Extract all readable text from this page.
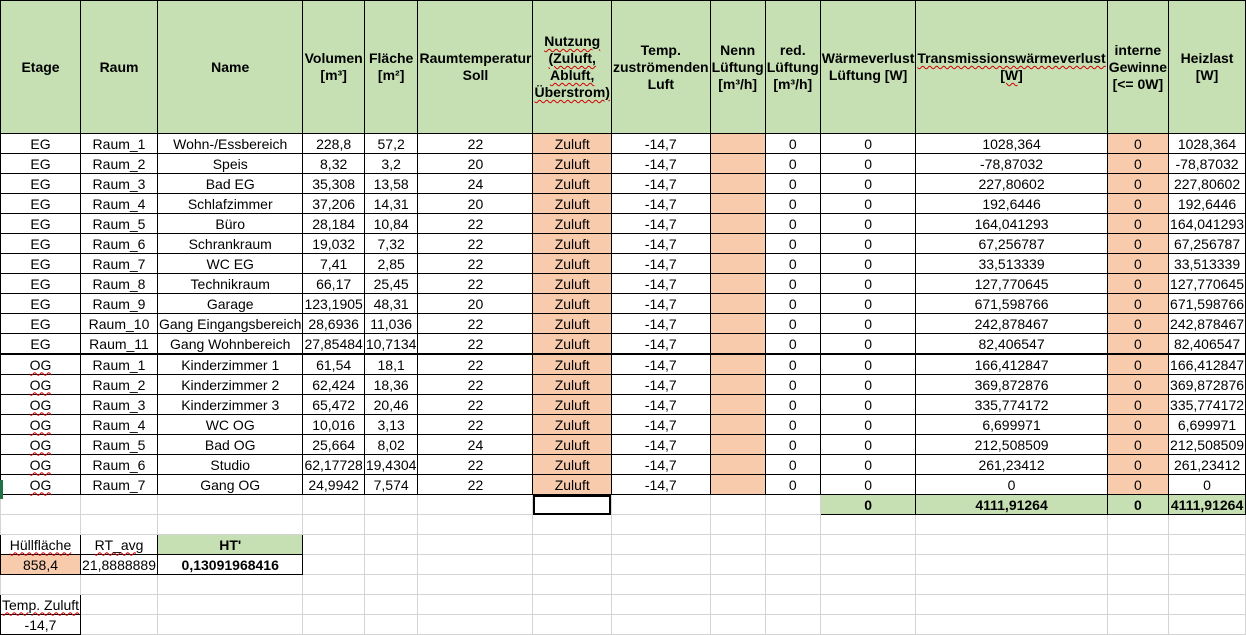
Etage	Raum	Name	Volumen [m³]	Fläche [m²]	Raumtemperatur Soll	Nutzung (Zuluft, Abluft, Überstrom)	Temp. zuströmenden Luft	Nenn Lüftung [m³/h]	red. Lüftung [m³/h]	Wärmeverlust Lüftung [W]	Transmissionswärmeverlust [W]	interne Gewinne [<= 0W]	Heizlast [W]
EG	Raum_1	Wohn-/Essbereich	228,8	57,2	22	Zuluft	-14,7		0	0	1028,364	0	1028,364
EG	Raum_2	Speis	8,32	3,2	20	Zuluft	-14,7		0	0	-78,87032	0	-78,87032
EG	Raum_3	Bad EG	35,308	13,58	24	Zuluft	-14,7		0	0	227,80602	0	227,80602
EG	Raum_4	Schlafzimmer	37,206	14,31	20	Zuluft	-14,7		0	0	192,6446	0	192,6446
EG	Raum_5	Büro	28,184	10,84	22	Zuluft	-14,7		0	0	164,041293	0	164,041293
EG	Raum_6	Schrankraum	19,032	7,32	22	Zuluft	-14,7		0	0	67,256787	0	67,256787
EG	Raum_7	WC EG	7,41	2,85	22	Zuluft	-14,7		0	0	33,513339	0	33,513339
EG	Raum_8	Technikraum	66,17	25,45	22	Zuluft	-14,7		0	0	127,770645	0	127,770645
EG	Raum_9	Garage	123,1905	48,31	20	Zuluft	-14,7		0	0	671,598766	0	671,598766
EG	Raum_10	Gang Eingangsbereich	28,6936	11,036	22	Zuluft	-14,7		0	0	242,878467	0	242,878467
EG	Raum_11	Gang Wohnbereich	27,85484	10,7134	22	Zuluft	-14,7		0	0	82,406547	0	82,406547
OG	Raum_1	Kinderzimmer 1	61,54	18,1	22	Zuluft	-14,7		0	0	166,412847	0	166,412847
OG	Raum_2	Kinderzimmer 2	62,424	18,36	22	Zuluft	-14,7		0	0	369,872876	0	369,872876
OG	Raum_3	Kinderzimmer 3	65,472	20,46	22	Zuluft	-14,7		0	0	335,774172	0	335,774172
OG	Raum_4	WC OG	10,016	3,13	22	Zuluft	-14,7		0	0	6,699971	0	6,699971
OG	Raum_5	Bad OG	25,664	8,02	24	Zuluft	-14,7		0	0	212,508509	0	212,508509
OG	Raum_6	Studio	62,17728	19,4304	22	Zuluft	-14,7		0	0	261,23412	0	261,23412
OG	Raum_7	Gang OG	24,9942	7,574	22	Zuluft	-14,7		0	0	0	0	0
										0	4111,91264	0	4111,91264

Hüllfläche	RT_avg	HT'											
858,4	21,8888889	0,13091968416											

Temp. Zuluft													
-14,7													
